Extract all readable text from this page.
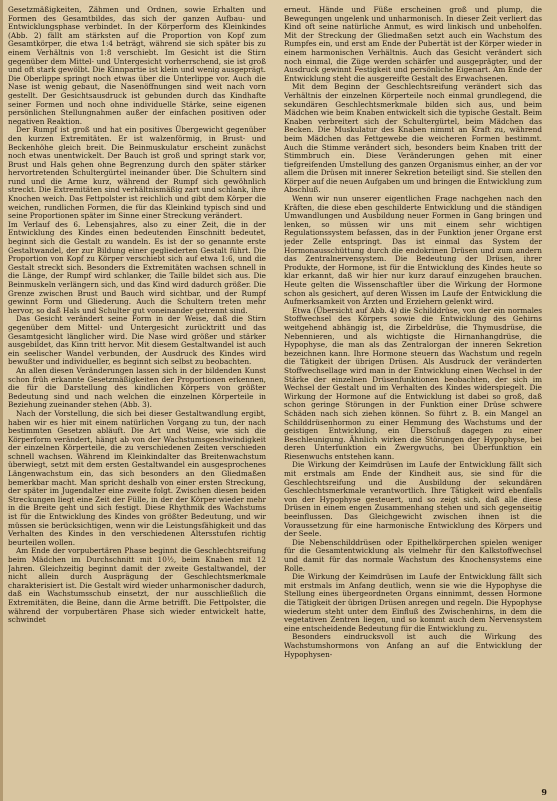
Gesetzmäßigkeiten, Zähmen und Ordnen, sowie Erhalten und Formen des Gesamtbildes, das sich der ganzen Aufbau- und Entwicklungsphase verbindet. In der Körperform des Kleinkindes (Abb. 2) fällt am stärksten auf die Proportion von Kopf zum Gesamtkörper, die etwa 1:4 beträgt, während sie sich später bis zu einem Verhältnis von 1:8 verschiebt. Im Gesicht ist die Stirn gegenüber dem Mittel- und Untergesicht vorherrschend, sie ist groß und oft stark gewölbt. Die Kinnpartie ist klein und wenig ausgeprägt. Die Oberlippe springt noch etwas über die Unterlippe vor. Auch die Nase ist wenig gebaut, die Nasenöffnungen sind weit nach vorn gestellt. Der Gesichtsausdruck ist gebunden durch das Kindhafte seiner Formen und noch ohne individuelle Stärke, seine eigenen persönlichen Stellungnahmen außer der einfachen positiven oder negativen Reaktion.

Der Rumpf ist groß und hat ein positives Übergewicht gegenüber den kurzen Extremitäten. Er ist walzenförmig, in Brust- und Beckenhöhe gleich breit. Die Beinmuskulatur erscheint zunächst noch etwas unentwickelt. Der Bauch ist groß und springt stark vor, Brust und Hals gehen ohne Begrenzung durch den später stärker hervortretenden Schultergürtel ineinander über. Die Schultern sind rund und die Arme kurz, während der Rumpf sich gewöhnlich streckt. Die Extremitäten sind verhältnismäßig zart und schlank, ihre Knochen weich. Das Fettpolster ist reichlich und gibt dem Körper die weichen, rundlichen Formen, die für das Kleinkind typisch sind und seine Proportionen später im Sinne einer Streckung verändert.

Im Verlauf des 6. Lebensjahres, also zu einer Zeit, die in der Entwicklung des Kindes einen bedeutenden Einschnitt bedeutet, beginnt sich die Gestalt zu wandeln. Es ist der so genannte erste Gestaltwandel, der zur Bildung einer gegliederten Gestalt führt. Die Proportion von Kopf zu Körper verschiebt sich auf etwa 1:6, und die Gestalt streckt sich. Besonders die Extremitäten wachsen schnell in die Länge, der Rumpf wird schlanker, die Taille bildet sich aus. Die Beinmuskeln verlängern sich, und das Kind wird dadurch größer. Die Grenze zwischen Brust und Bauch wird sichtbar, und der Rumpf gewinnt Form und Gliederung. Auch die Schultern treten mehr hervor, so daß Hals und Schulter gut voneinander getrennt sind.

Das Gesicht verändert seine Form in der Weise, daß die Stirn gegenüber dem Mittel- und Untergesicht zurücktritt und das Gesamtgesicht länglicher wird. Die Nase wird größer und stärker ausgebildet, das Kinn tritt hervor. Mit diesem Gestaltwandel ist auch ein seelischer Wandel verbunden, der Ausdruck des Kindes wird bewußter und individueller, es beginnt sich selbst zu beobachten.

An allen diesen Veränderungen lassen sich in der bildenden Kunst schon früh erkannte Gesetzmäßigkeiten der Proportionen erkennen, die für die Darstellung des kindlichen Körpers von größter Bedeutung sind und nach welchen die einzelnen Körperteile in Beziehung zueinander stehen (Abb. 3).

Nach der Vorstellung, die sich bei dieser Gestaltwandlung ergibt, haben wir es hier mit einem natürlichen Vorgang zu tun, der nach bestimmten Gesetzen abläuft. Die Art und Weise, wie sich die Körperform verändert, hängt ab von der Wachstumsgeschwindigkeit der einzelnen Körperteile, die zu verschiedenen Zeiten verschieden schnell wachsen. Während im Kleinkindalter das Breitenwachstum überwiegt, setzt mit dem ersten Gestaltwandel ein ausgesprochenes Längenwachstum ein, das sich besonders an den Gliedmaßen bemerkbar macht. Man spricht deshalb von einer ersten Streckung, der später im Jugendalter eine zweite folgt. Zwischen diesen beiden Streckungen liegt eine Zeit der Fülle, in der der Körper wieder mehr in die Breite geht und sich festigt. Diese Rhythmik des Wachstums ist für die Entwicklung des Kindes von größter Bedeutung, und wir müssen sie berücksichtigen, wenn wir die Leistungsfähigkeit und das Verhalten des Kindes in den verschiedenen Altersstufen richtig beurteilen wollen.

Am Ende der vorpubertären Phase beginnt die Geschlechtsreifung beim Mädchen im Durchschnitt mit 10½, beim Knaben mit 12 Jahren. Gleichzeitig beginnt damit der zweite Gestaltwandel, der nicht allein durch Ausprägung der Geschlechtsmerkmale charakterisiert ist. Die Gestalt wird wieder unharmonischer dadurch, daß ein Wachstumsschub einsetzt, der nur ausschließlich die Extremitäten, die Beine, dann die Arme betrifft. Die Fettpolster, die während der vorpubertären Phase sich wieder entwickelt hatte, schwindet

erneut. Hände und Füße erscheinen groß und plump, die Bewegungen ungelenk und unharmonisch. In dieser Zeit verliert das Kind oft seine natürliche Anmut, es wird linkisch und unbeholfen. Mit der Streckung der Gliedmaßen setzt auch ein Wachstum des Rumpfes ein, und erst am Ende der Pubertät ist der Körper wieder in einem harmonischen Verhältnis. Auch das Gesicht verändert sich noch einmal, die Züge werden schärfer und ausgeprägter, und der Ausdruck gewinnt Festigkeit und persönliche Eigenart. Am Ende der Entwicklung steht die ausgereifte Gestalt des Erwachsenen.

Mit dem Beginn der Geschlechtsreifung verändert sich das Verhältnis der einzelnen Körperteile noch einmal grundlegend, die sekundären Geschlechtsmerkmale bilden sich aus, und beim Mädchen wie beim Knaben entwickelt sich die typische Gestalt. Beim Knaben verbreitert sich der Schultergürtel, beim Mädchen das Becken. Die Muskulatur des Knaben nimmt an Kraft zu, während beim Mädchen das Fettgewebe die weicheren Formen bestimmt. Auch die Stimme verändert sich, besonders beim Knaben tritt der Stimmbruch ein. Diese Veränderungen gehen mit einer tiefgreifenden Umstellung des ganzen Organismus einher, an der vor allem die Drüsen mit innerer Sekretion beteiligt sind. Sie stellen den Körper auf die neuen Aufgaben um und bringen die Entwicklung zum Abschluß.

Wenn wir nun unserer eigentlichen Frage nachgehen nach den Kräften, die diese eben geschilderte Entwicklung und die ständigen Umwandlungen und Ausbildung neuer Formen in Gang bringen und lenken, so müssen wir uns mit einem sehr wichtigen Regulationssystem befassen, das in der Funktion jener Organe erst jeder Zelle entspringt. Das ist einmal das System der Hormonausschüttung durch die endokrinen Drüsen und zum andern das Zentralnervensystem. Die Bedeutung der Drüsen, ihrer Produkte, der Hormone, ist für die Entwicklung des Kindes heute so klar erkannt, daß wir hier nur kurz darauf einzugehen brauchen. Heute gelten die Wissenschaftler über die Wirkung der Hormone schon als gesichert, auf deren Wissen im Laufe der Entwicklung die Aufmerksamkeit von Ärzten und Erziehern gelenkt wird.

Etwa (Übersicht auf Abb. 4) die Schilddrüse, von der ein normales Stoffwechsel des Körpers sowie die Entwicklung des Gehirns weitgehend abhängig ist, die Zirbeldrüse, die Thymusdrüse, die Nebennieren, und als wichtigste die Hirnanhangdrüse, die Hypophyse, die man als das Zentralorgan der inneren Sekretion bezeichnen kann. Ihre Hormone steuern das Wachstum und regeln die Tätigkeit der übrigen Drüsen. Als Ausdruck der veränderten Stoffwechsellage wird man in der Entwicklung einen Wechsel in der Stärke der einzelnen Drüsenfunktionen beobachten, der sich im Wechsel der Gestalt und im Verhalten des Kindes widerspiegelt. Die Wirkung der Hormone auf die Entwicklung ist dabei so groß, daß schon geringe Störungen in der Funktion einer Drüse schwere Schäden nach sich ziehen können. So führt z. B. ein Mangel an Schilddrüsenhormon zu einer Hemmung des Wachstums und der geistigen Entwicklung, ein Überschuß dagegen zu einer Beschleunigung. Ähnlich wirken die Störungen der Hypophyse, bei deren Unterfunktion ein Zwergwuchs, bei Überfunktion ein Riesenwuchs entstehen kann.

Die Wirkung der Keimdrüsen im Laufe der Entwicklung fällt sich mit erstmals am Ende der Kindheit aus, sie sind für die Geschlechtsreifung und die Ausbildung der sekundären Geschlechtsmerkmale verantwortlich. Ihre Tätigkeit wird ebenfalls von der Hypophyse gesteuert, und so zeigt sich, daß alle diese Drüsen in einem engen Zusammenhang stehen und sich gegenseitig beeinflussen. Das Gleichgewicht zwischen ihnen ist die Voraussetzung für eine harmonische Entwicklung des Körpers und der Seele.

Die Nebenschilddrüsen oder Epithelkörperchen spielen weniger für die Gesamtentwicklung als vielmehr für den Kalkstoffwechsel und damit für das normale Wachstum des Knochensystems eine Rolle.

Die Wirkung der Keimdrüsen im Laufe der Entwicklung fällt sich mit erstmals im Anfang deutlich, wenn sie wie die Hypophyse die Stellung eines übergeordneten Organs einnimmt, dessen Hormone die Tätigkeit der übrigen Drüsen anregen und regeln. Die Hypophyse wiederum steht unter dem Einfluß des Zwischenhirns, in dem die vegetativen Zentren liegen, und so kommt auch dem Nervensystem eine entscheidende Bedeutung für die Entwicklung zu.

Besonders eindrucksvoll ist auch die Wirkung des Wachstumshormons von Anfang an auf die Entwicklung der Hypophysen-

9
